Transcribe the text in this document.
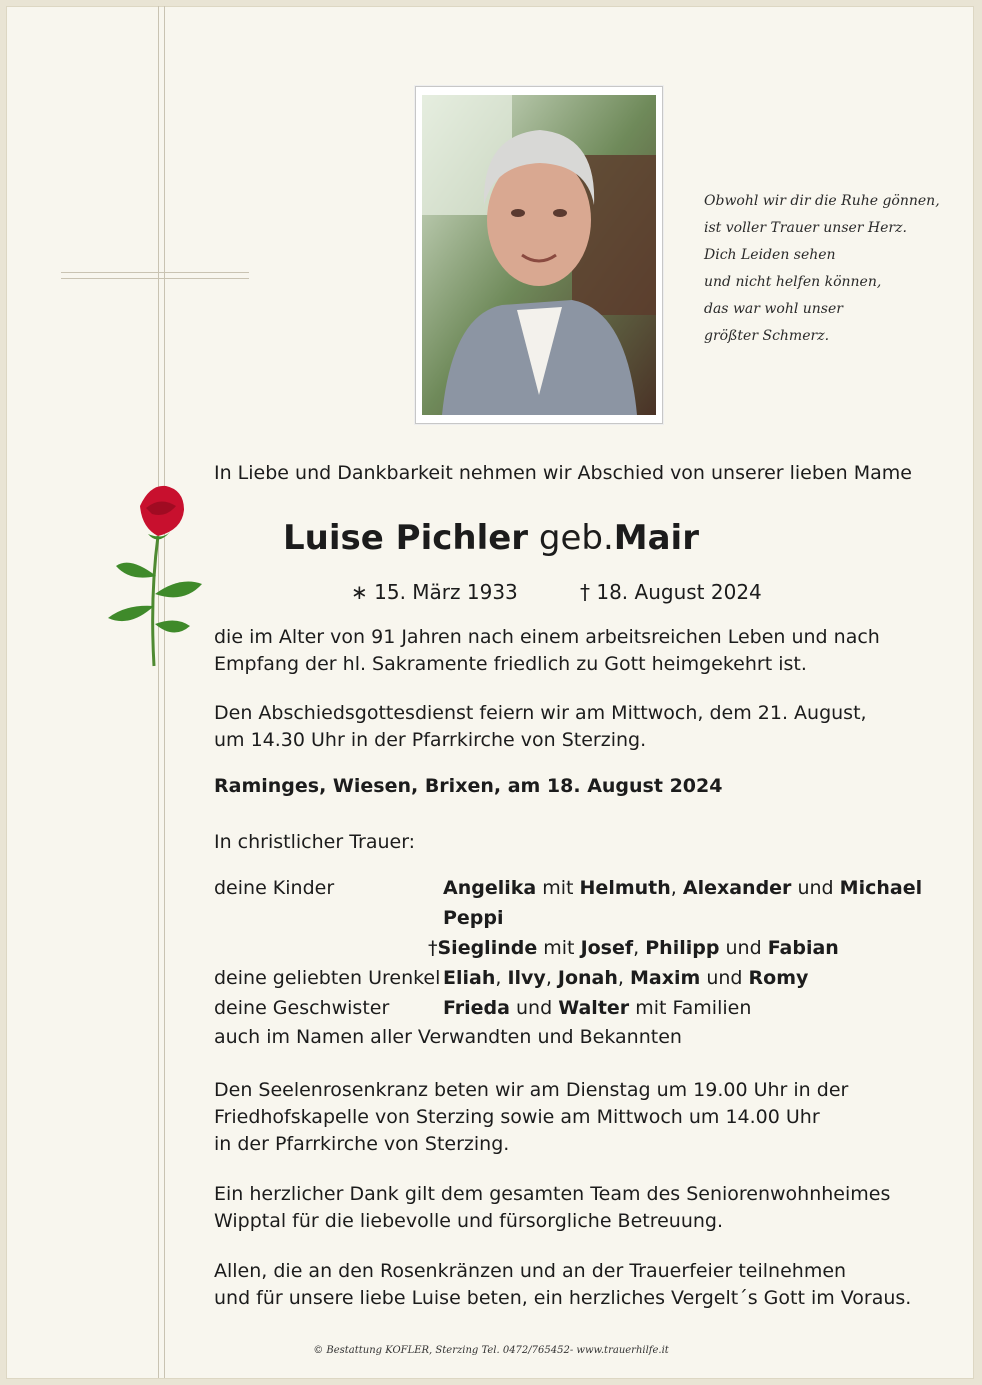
Obwohl wir dir die Ruhe gönnen,
ist voller Trauer unser Herz.
Dich Leiden sehen
und nicht helfen können,
das war wohl unser
größter Schmerz.
In Liebe und Dankbarkeit nehmen wir Abschied von unserer lieben Mame
Luise Pichler geb.Mair
∗ 15. März 1933	† 18. August 2024
die im Alter von 91 Jahren nach einem arbeitsreichen Leben und nach
Empfang der hl. Sakramente friedlich zu Gott heimgekehrt ist.
Den Abschiedsgottesdienst feiern wir am Mittwoch, dem 21. August,
um 14.30 Uhr in der Pfarrkirche von Sterzing.
Raminges, Wiesen, Brixen, am 18. August 2024
In christlicher Trauer:
deine Kinder	Angelika mit Helmuth, Alexander und Michael
Peppi
†Sieglinde mit Josef, Philipp und Fabian
deine geliebten Urenkel Eliah, Ilvy, Jonah, Maxim und Romy
deine Geschwister	Frieda und Walter mit Familien
auch im Namen aller Verwandten und Bekannten
Den Seelenrosenkranz beten wir am Dienstag um 19.00 Uhr in der
Friedhofskapelle von Sterzing sowie am Mittwoch um 14.00 Uhr
in der Pfarrkirche von Sterzing.
Ein herzlicher Dank gilt dem gesamten Team des Seniorenwohnheimes
Wipptal für die liebevolle und fürsorgliche Betreuung.
Allen, die an den Rosenkränzen und an der Trauerfeier teilnehmen
und für unsere liebe Luise beten, ein herzliches Vergelt´s Gott im Voraus.
© Bestattung KOFLER, Sterzing Tel. 0472/765452- www.trauerhilfe.it
